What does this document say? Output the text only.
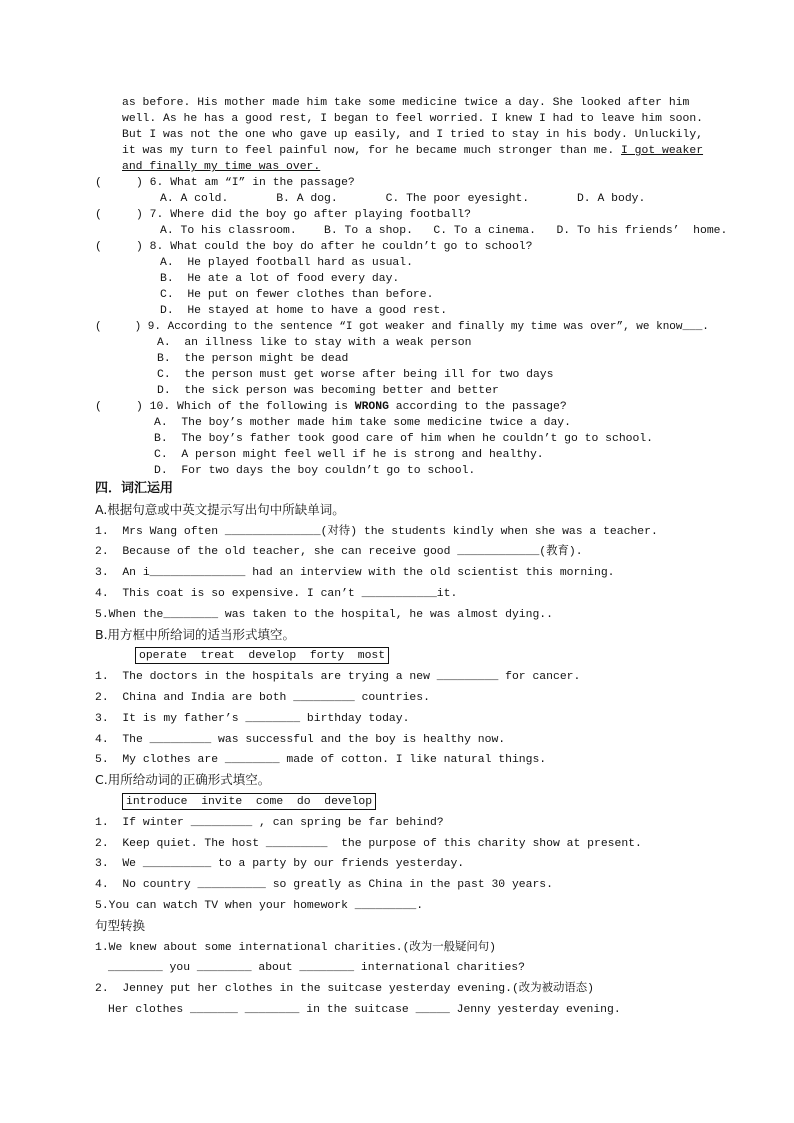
as before. His mother made him take some medicine twice a day. She looked after him
well. As he has a good rest, I began to feel worried. I knew I had to leave him soon.
But I was not the one who gave up easily, and I tried to stay in his body. Unluckily,
it was my turn to feel painful now, for he became much stronger than me. I got weaker
and finally my time was over.
(     ) 6. What am “I” in the passage?
A. A cold.       B. A dog.       C. The poor eyesight.       D. A body.
(     ) 7. Where did the boy go after playing football?
A. To his classroom.    B. To a shop.   C. To a cinema.   D. To his friends’  home.
(     ) 8. What could the boy do after he couldn’t go to school?
A.  He played football hard as usual.
B.  He ate a lot of food every day.
C.  He put on fewer clothes than before.
D.  He stayed at home to have a good rest.
(     ) 9. According to the sentence “I got weaker and finally my time was over”, we know___.
A.  an illness like to stay with a weak person
B.  the person might be dead
C.  the person must get worse after being ill for two days
D.  the sick person was becoming better and better
(     ) 10. Which of the following is WRONG according to the passage?
A.  The boy’s mother made him take some medicine twice a day.
B.  The boy’s father took good care of him when he couldn’t go to school.
C.  A person might feel well if he is strong and healthy.
D.  For two days the boy couldn’t go to school.
四．词汇运用
A.根据句意或中英文提示写出句中所缺单词。
1.  Mrs Wang often ______________(对待) the students kindly when she was a teacher.
2.  Because of the old teacher, she can receive good ____________(教育).
3.  An i______________ had an interview with the old scientist this morning.
4.  This coat is so expensive. I can’t ___________it.
5.When the________ was taken to the hospital, he was almost dying..
B.用方框中所给词的适当形式填空。
operate  treat  develop  forty  most
1.  The doctors in the hospitals are trying a new _________ for cancer.
2.  China and India are both _________ countries.
3.  It is my father’s ________ birthday today.
4.  The _________ was successful and the boy is healthy now.
5.  My clothes are ________ made of cotton. I like natural things.
C.用所给动词的正确形式填空。
introduce  invite  come  do  develop
1.  If winter _________ , can spring be far behind?
2.  Keep quiet. The host _________  the purpose of this charity show at present.
3.  We __________ to a party by our friends yesterday.
4.  No country __________ so greatly as China in the past 30 years.
5.You can watch TV when your homework _________.
句型转换
1.We knew about some international charities.(改为一般疑问句)
________ you ________ about ________ international charities?
2.  Jenney put her clothes in the suitcase yesterday evening.(改为被动语态)
Her clothes _______ ________ in the suitcase _____ Jenny yesterday evening.
